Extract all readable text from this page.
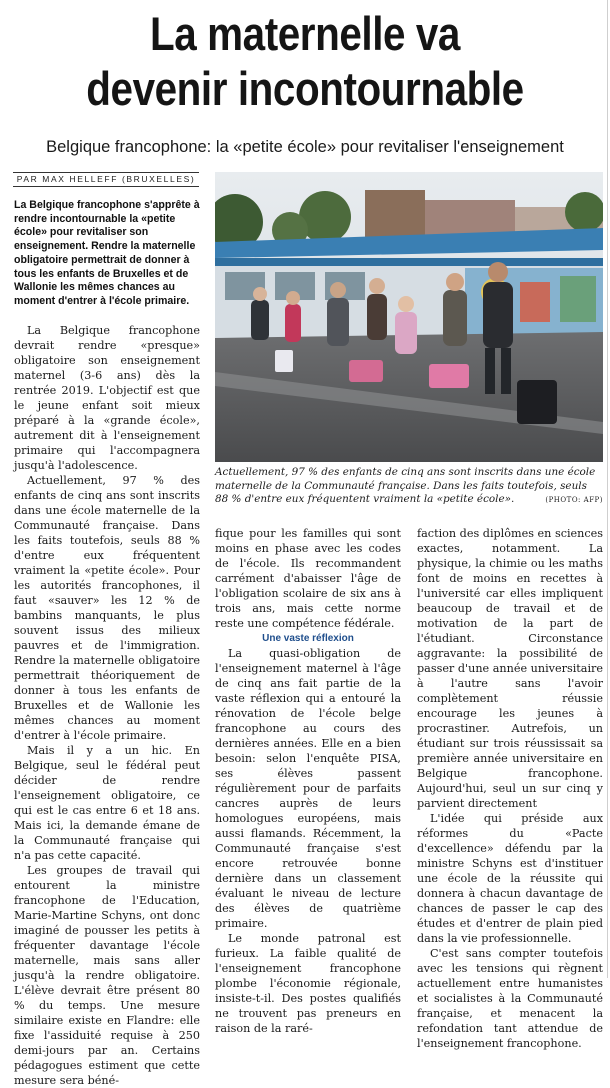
La maternelle va
devenir incontournable
Belgique francophone: la «petite école» pour revitaliser l'enseignement
PAR MAX HELLEFF (BRUXELLES)
La Belgique francophone s'apprête à rendre incontournable la «petite école» pour revitaliser son enseignement. Rendre la maternelle obligatoire permettrait de donner à tous les enfants de Bruxelles et de Wallonie les mêmes chances au moment d'entrer à l'école primaire.

La Belgique francophone devrait rendre «presque» obligatoire son enseignement maternel (3-6 ans) dès la rentrée 2019. L'objectif est que le jeune enfant soit mieux préparé à la «grande école», autrement dit à l'enseignement primaire qui l'accompagnera jusqu'à l'adolescence.

Actuellement, 97 % des enfants de cinq ans sont inscrits dans une école maternelle de la Communauté française. Dans les faits toutefois, seuls 88 % d'entre eux fréquentent vraiment la «petite école». Pour les autorités francophones, il faut «sauver» les 12 % de bambins manquants, le plus souvent issus des milieux pauvres et de l'immigration. Rendre la maternelle obligatoire permettrait théoriquement de donner à tous les enfants de Bruxelles et de Wallonie les mêmes chances au moment d'entrer à l'école primaire.

Mais il y a un hic. En Belgique, seul le fédéral peut décider de rendre l'enseignement obligatoire, ce qui est le cas entre 6 et 18 ans. Mais ici, la demande émane de la Communauté française qui n'a pas cette capacité.

Les groupes de travail qui entourent la ministre francophone de l'Education, Marie-Martine Schyns, ont donc imaginé de pousser les petits à fréquenter davantage l'école maternelle, mais sans aller jusqu'à la rendre obligatoire. L'élève devrait être présent 80 % du temps. Une mesure similaire existe en Flandre: elle fixe l'assiduité requise à 250 demi-jours par an. Certains pédagogues estiment que cette mesure sera béné-

Actuellement, 97 % des enfants de cinq ans sont inscrits dans une école maternelle de la Communauté française. Dans les faits toutefois, seuls 88 % d'entre eux fréquentent vraiment la «petite école».	(PHOTO: AFP)

fique pour les familles qui sont moins en phase avec les codes de l'école. Ils recommandent carrément d'abaisser l'âge de l'obligation scolaire de six ans à trois ans, mais cette norme reste une compétence fédérale.

Une vaste réflexion

La quasi-obligation de l'enseignement maternel à l'âge de cinq ans fait partie de la vaste réflexion qui a entouré la rénovation de l'école belge francophone au cours des dernières années. Elle en a bien besoin: selon l'enquête PISA, ses élèves passent régulièrement pour de parfaits cancres auprès de leurs homologues européens, mais aussi flamands. Récemment, la Communauté française s'est encore retrouvée bonne dernière dans un classement évaluant le niveau de lecture des élèves de quatrième primaire.

Le monde patronal est furieux. La faible qualité de l'enseignement francophone plombe l'économie régionale, insiste-t-il. Des postes qualifiés ne trouvent pas preneurs en raison de la raré-

faction des diplômes en sciences exactes, notamment. La physique, la chimie ou les maths font de moins en recettes à l'université car elles impliquent beaucoup de travail et de motivation de la part de l'étudiant. Circonstance aggravante: la possibilité de passer d'une année universitaire à l'autre sans l'avoir complètement réussie encourage les jeunes à procrastiner. Autrefois, un étudiant sur trois réussissait sa première année universitaire en Belgique francophone. Aujourd'hui, seul un sur cinq y parvient directement

L'idée qui préside aux réformes du «Pacte d'excellence» défendu par la ministre Schyns est d'instituer une école de la réussite qui donnera à chacun davantage de chances de passer le cap des études et d'entrer de plain pied dans la vie professionnelle.

C'est sans compter toutefois avec les tensions qui règnent actuellement entre humanistes et socialistes à la Communauté française, et menacent la refondation tant attendue de l'enseignement francophone.
